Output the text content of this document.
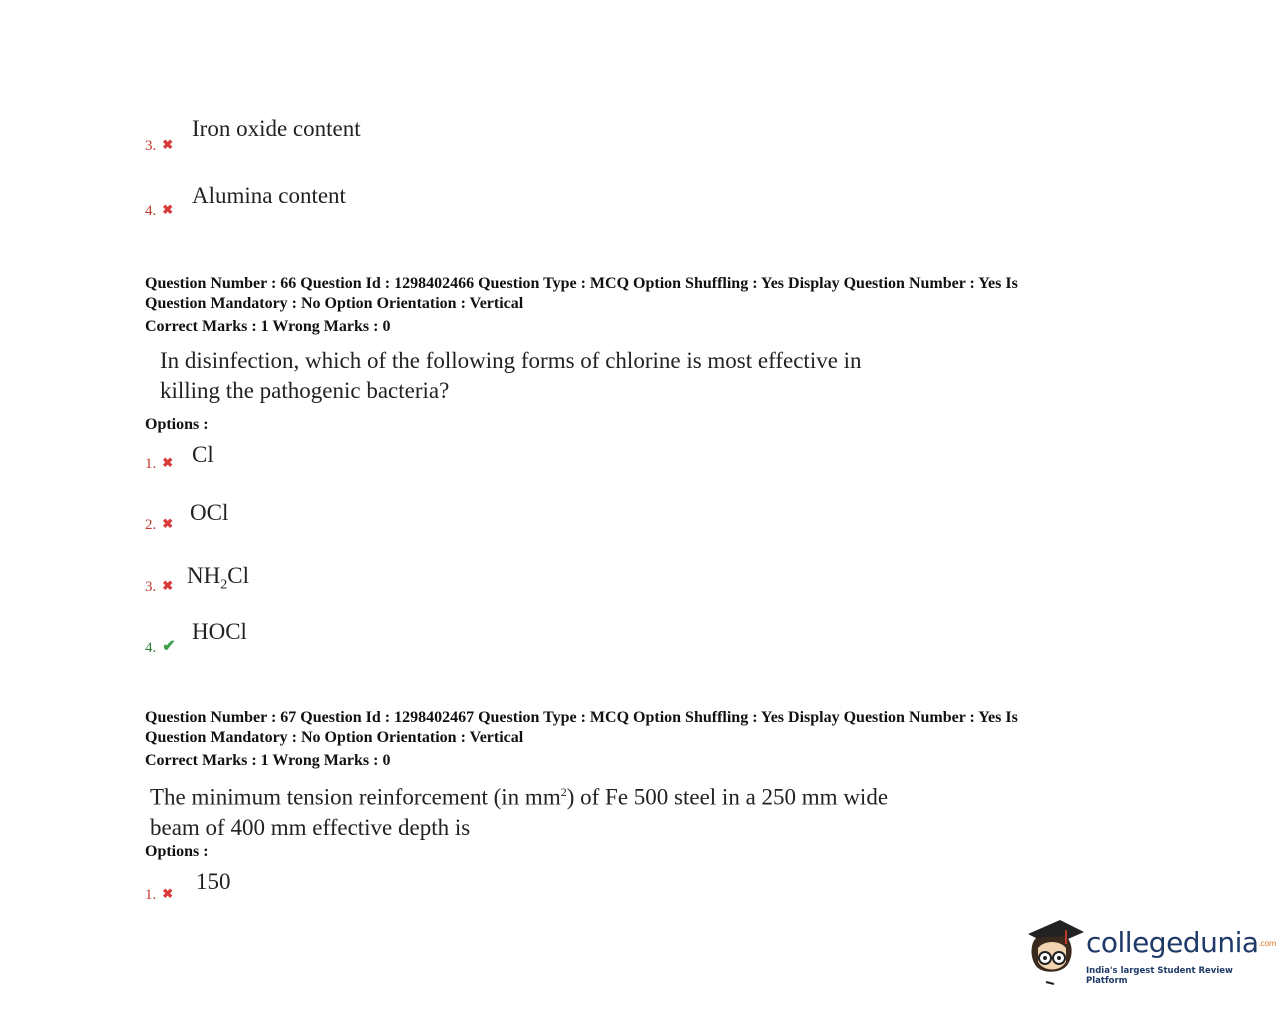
3. ✖
Iron oxide content
4. ✖
Alumina content
Question Number : 66 Question Id : 1298402466 Question Type : MCQ Option Shuffling : Yes Display Question Number : Yes Is
Question Mandatory : No Option Orientation : Vertical
Correct Marks : 1 Wrong Marks : 0
In disinfection, which of the following forms of chlorine is most effective in
killing the pathogenic bacteria?
Options :
1. ✖ Cl
2. ✖ OCl
3. ✖ $NH_2Cl$
4. ✔
HOCl
Question Number : 67 Question Id : 1298402467 Question Type : MCQ Option Shuffling : Yes Display Question Number : Yes Is
Question Mandatory : No Option Orientation : Vertical
Correct Marks : 1 Wrong Marks : 0
The minimum tension reinforcement (in $mm^2$) of Fe 500 steel in a 250 mm wide
beam of 400 mm effective depth is
Options :
1. ✖ 150
collegedunia$^{.com}$
India's largest Student Review Platform
